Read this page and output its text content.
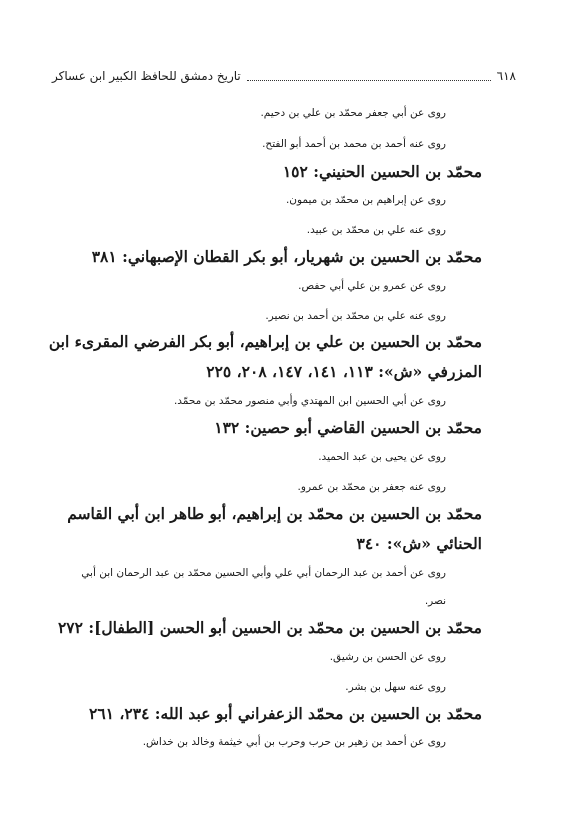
٦١٨
تاريخ دمشق للحافظ الكبير ابن عساكر
روى عن أبي جعفر محمّد بن علي بن دحيم.
روى عنه أحمد بن محمد بن أحمد أبو الفتح.
محمّد بن الحسين الحنيني: ١٥٢
روى عن إبراهيم بن محمّد بن ميمون.
روى عنه علي بن محمّد بن عبيد.
محمّد بن الحسين بن شهريار، أبو بكر القطان الإصبهاني: ٣٨١
روى عن عمرو بن علي أبي حفص.
روى عنه علي بن محمّد بن أحمد بن نصير.
محمّد بن الحسين بن علي بن إبراهيم، أبو بكر الفرضي المقرىء ابن
المزرفي «ش»: ١١٣، ١٤١، ١٤٧، ٢٠٨، ٢٢٥
روى عن أبي الحسين ابن المهتدي وأبي منصور محمّد بن محمّد.
محمّد بن الحسين القاضي أبو حصين: ١٣٢
روى عن يحيى بن عبد الحميد.
روى عنه جعفر بن محمّد بن عمرو.
محمّد بن الحسين بن محمّد بن إبراهيم، أبو طاهر ابن أبي القاسم
الحنائي «ش»: ٣٤٠
روى عن أحمد بن عبد الرحمان أبي علي وأبي الحسين محمّد بن عبد الرحمان ابن أبي
نصر.
محمّد بن الحسين بن محمّد بن الحسين أبو الحسن [الطفال]: ٢٧٢
روى عن الحسن بن رشيق.
روى عنه سهل بن بشر.
محمّد بن الحسين بن محمّد الزعفراني أبو عبد الله: ٢٣٤، ٢٦١
روى عن أحمد بن زهير بن حرب وحرب بن أبي خيثمة وخالد بن خداش.
